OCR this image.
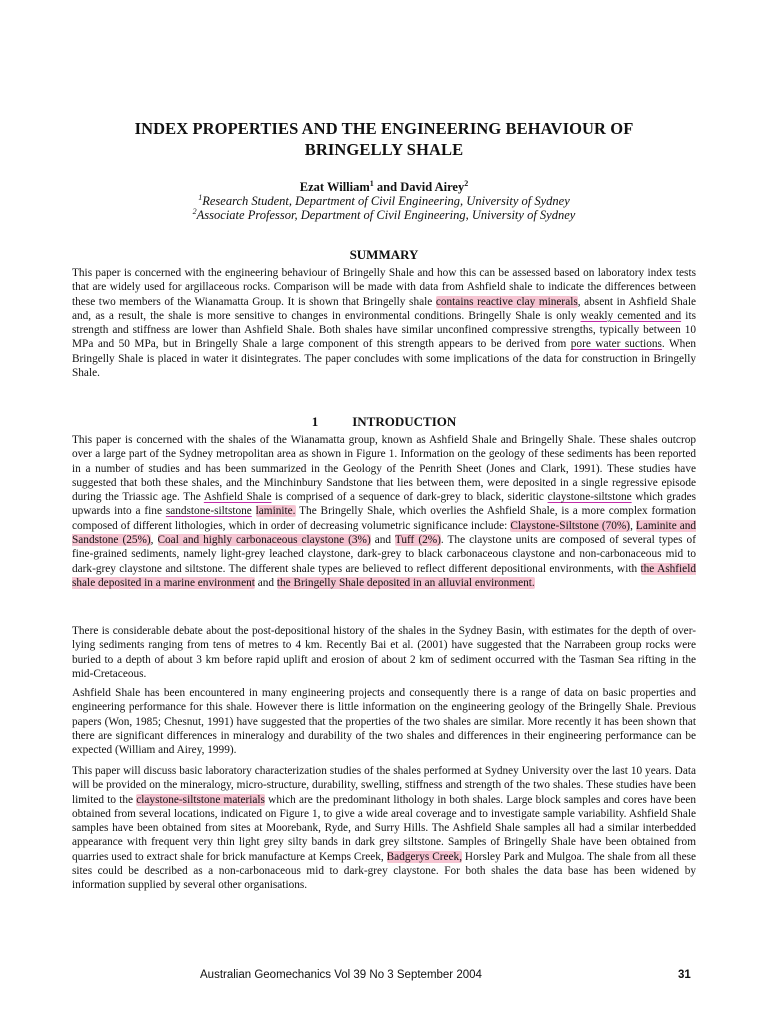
INDEX PROPERTIES AND THE ENGINEERING BEHAVIOUR OF
BRINGELLY SHALE
Ezat William$^1$ and David Airey$^2$
$^1$Research Student, Department of Civil Engineering, University of Sydney
$^2$Associate Professor, Department of Civil Engineering, University of Sydney
SUMMARY

This paper is concerned with the engineering behaviour of Bringelly Shale and how this can be assessed based on laboratory index tests that are widely used for argillaceous rocks. Comparison will be made with data from Ashfield shale to indicate the differences between these two members of the Wianamatta Group. It is shown that Bringelly shale contains reactive clay minerals, absent in Ashfield Shale and, as a result, the shale is more sensitive to changes in environmental conditions. Bringelly Shale is only weakly cemented and its strength and stiffness are lower than Ashfield Shale. Both shales have similar unconfined compressive strengths, typically between 10 MPa and 50 MPa, but in Bringelly Shale a large component of this strength appears to be derived from pore water suctions. When Bringelly Shale is placed in water it disintegrates. The paper concludes with some implications of the data for construction in Bringelly Shale.

1	INTRODUCTION

This paper is concerned with the shales of the Wianamatta group, known as Ashfield Shale and Bringelly Shale. These shales outcrop over a large part of the Sydney metropolitan area as shown in Figure 1. Information on the geology of these sediments has been reported in a number of studies and has been summarized in the Geology of the Penrith Sheet (Jones and Clark, 1991). These studies have suggested that both these shales, and the Minchinbury Sandstone that lies between them, were deposited in a single regressive episode during the Triassic age. The Ashfield Shale is comprised of a sequence of dark-grey to black, sideritic claystone-siltstone which grades upwards into a fine sandstone-siltstone laminite. The Bringelly Shale, which overlies the Ashfield Shale, is a more complex formation composed of different lithologies, which in order of decreasing volumetric significance include: Claystone-Siltstone (70%), Laminite and Sandstone (25%), Coal and highly carbonaceous claystone (3%) and Tuff (2%). The claystone units are composed of several types of fine-grained sediments, namely light-grey leached claystone, dark-grey to black carbonaceous claystone and non-carbonaceous mid to dark-grey claystone and siltstone. The different shale types are believed to reflect different depositional environments, with the Ashfield shale deposited in a marine environment and the Bringelly Shale deposited in an alluvial environment.

There is considerable debate about the post-depositional history of the shales in the Sydney Basin, with estimates for the depth of over-lying sediments ranging from tens of metres to 4 km. Recently Bai et al. (2001) have suggested that the Narrabeen group rocks were buried to a depth of about 3 km before rapid uplift and erosion of about 2 km of sediment occurred with the Tasman Sea rifting in the mid-Cretaceous.

Ashfield Shale has been encountered in many engineering projects and consequently there is a range of data on basic properties and engineering performance for this shale. However there is little information on the engineering geology of the Bringelly Shale. Previous papers (Won, 1985; Chesnut, 1991) have suggested that the properties of the two shales are similar. More recently it has been shown that there are significant differences in mineralogy and durability of the two shales and differences in their engineering performance can be expected (William and Airey, 1999).

This paper will discuss basic laboratory characterization studies of the shales performed at Sydney University over the last 10 years. Data will be provided on the mineralogy, micro-structure, durability, swelling, stiffness and strength of the two shales. These studies have been limited to the claystone-siltstone materials which are the predominant lithology in both shales. Large block samples and cores have been obtained from several locations, indicated on Figure 1, to give a wide areal coverage and to investigate sample variability. Ashfield Shale samples have been obtained from sites at Moorebank, Ryde, and Surry Hills. The Ashfield Shale samples all had a similar interbedded appearance with frequent very thin light grey silty bands in dark grey siltstone. Samples of Bringelly Shale have been obtained from quarries used to extract shale for brick manufacture at Kemps Creek, Badgerys Creek, Horsley Park and Mulgoa. The shale from all these sites could be described as a non-carbonaceous mid to dark-grey claystone. For both shales the data base has been widened by information supplied by several other organisations.

Australian Geomechanics Vol 39 No 3 September 2004	31
